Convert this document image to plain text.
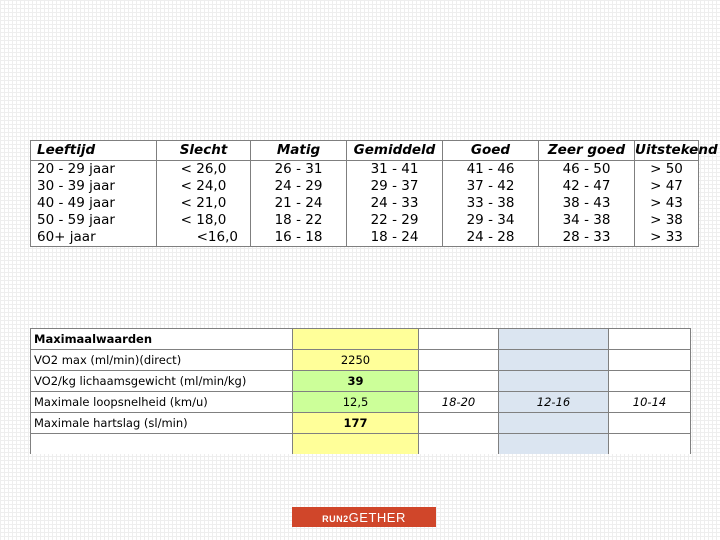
Leeftijd	Slecht	Matig	Gemiddeld	Goed	Zeer goed	Uitstekend
20 - 29 jaar	< 26,0	26 - 31	31 - 41	41 - 46	46 - 50	> 50
30 - 39 jaar	< 24,0	24 - 29	29 - 37	37 - 42	42 - 47	> 47
40 - 49 jaar	< 21,0	21 - 24	24 - 33	33 - 38	38 - 43	> 43
50 - 59 jaar	< 18,0	18 - 22	22 - 29	29 - 34	34 - 38	> 38
60+ jaar	<16,0	16 - 18	18 - 24	24 - 28	28 - 33	> 33
Maximaalwaarden				
VO2 max (ml/min)(direct)	2250			
VO2/kg lichaamsgewicht (ml/min/kg)	39			
Maximale loopsnelheid (km/u)	12,5	18-20	12-16	10-14
Maximale hartslag (sl/min)	177			

RUN2 GETHER
